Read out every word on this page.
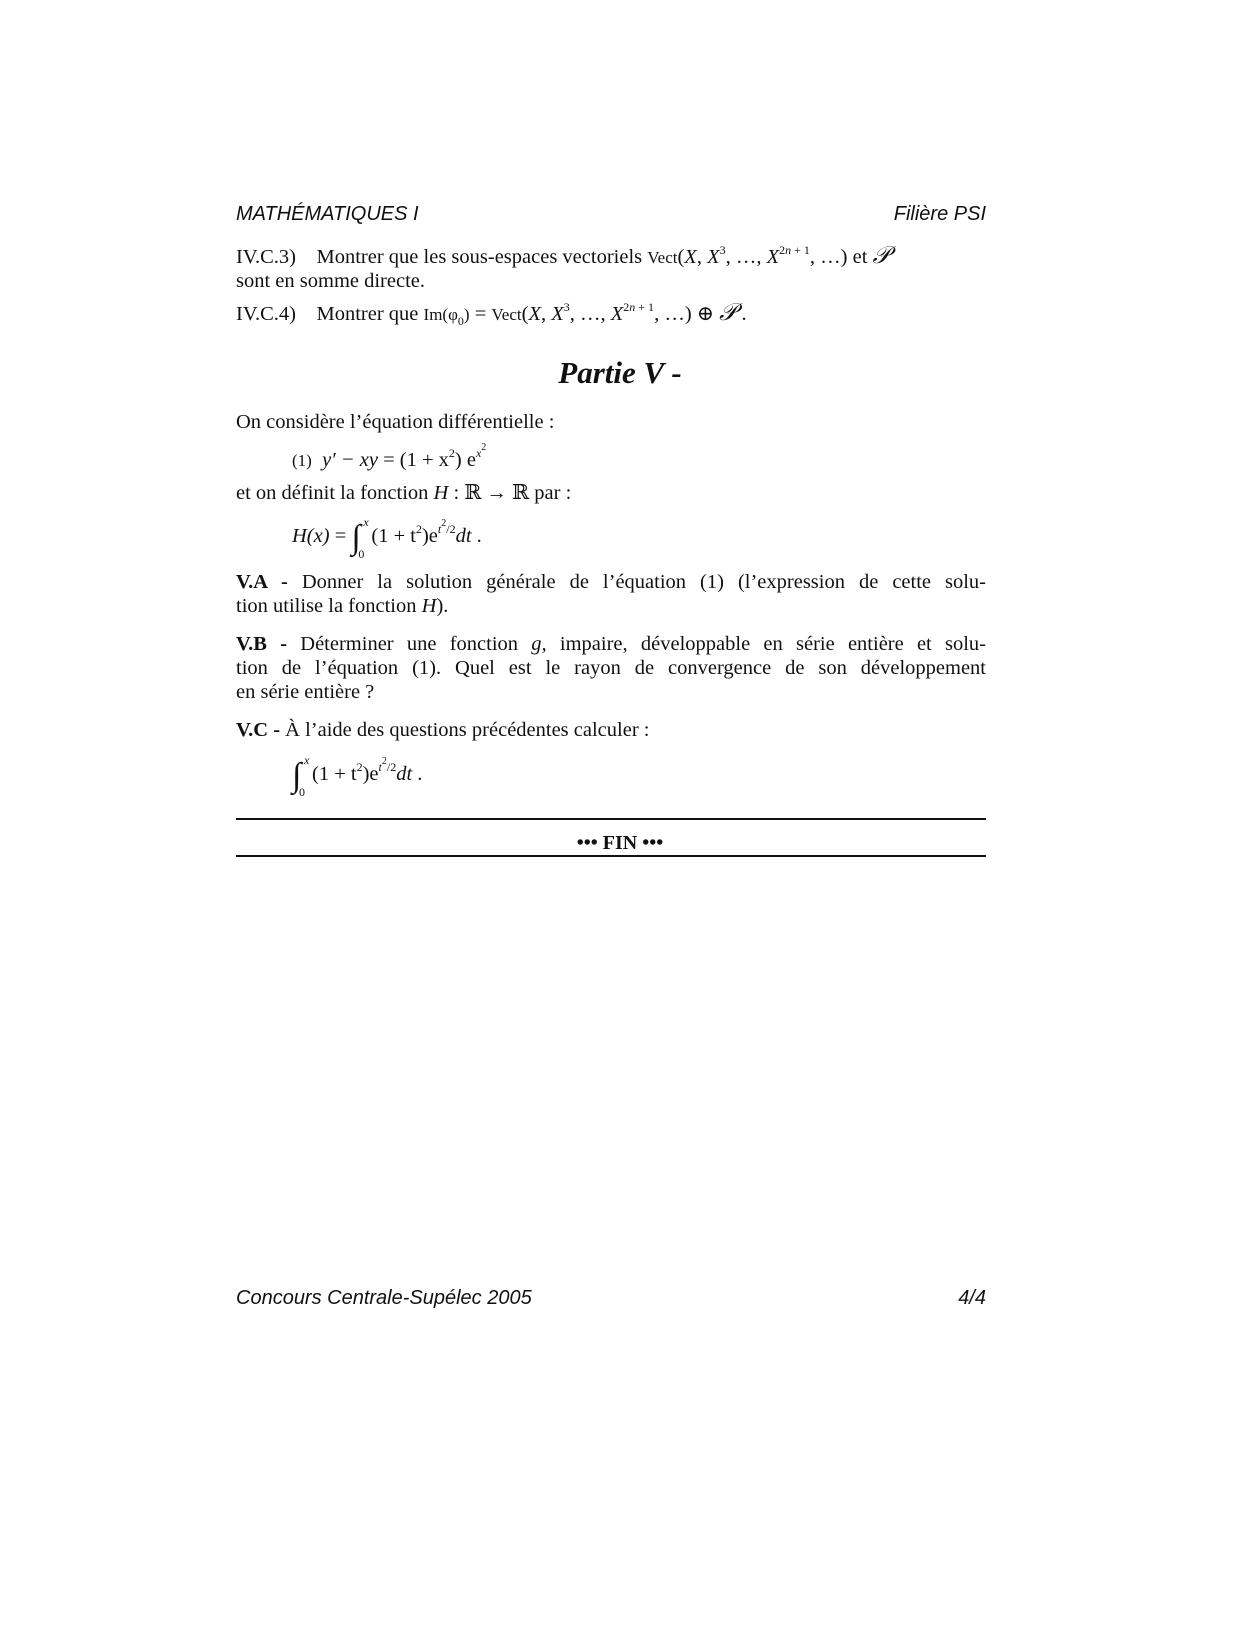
MATHÉMATIQUES I	Filière PSI
IV.C.3) Montrer que les sous-espaces vectoriels Vect(X, $X^3$, …, $X^{2n + 1}$, …) et 𝒫
sont en somme directe.
IV.C.4) Montrer que $Im(\varphi_0)$ = Vect(X, $X^3$, …, $X^{2n + 1}$, …) ⊕ 𝒫 .
Partie V -
On considère l’équation différentielle :
(1) y′ − xy = $(1 + x^2)$ $e^{x^2}$
et on définit la fonction H : ℝ → ℝ par :
H(x) = ∫ x
0
$(1 + t^2)e^{t^2/2}dt$ .
V.A - Donner la solution générale de l’équation (1) (l’expression de cette solu-
tion utilise la fonction H).
V.B - Déterminer une fonction g, impaire, développable en série entière et solu-
tion de l’équation (1). Quel est le rayon de convergence de son développement
en série entière ?
V.C - À l’aide des questions précédentes calculer :
∫ x
0
$(1 + t^2)e^{t^2/2}dt$ .
••• FIN •••
Concours Centrale-Supélec 2005	4/4
